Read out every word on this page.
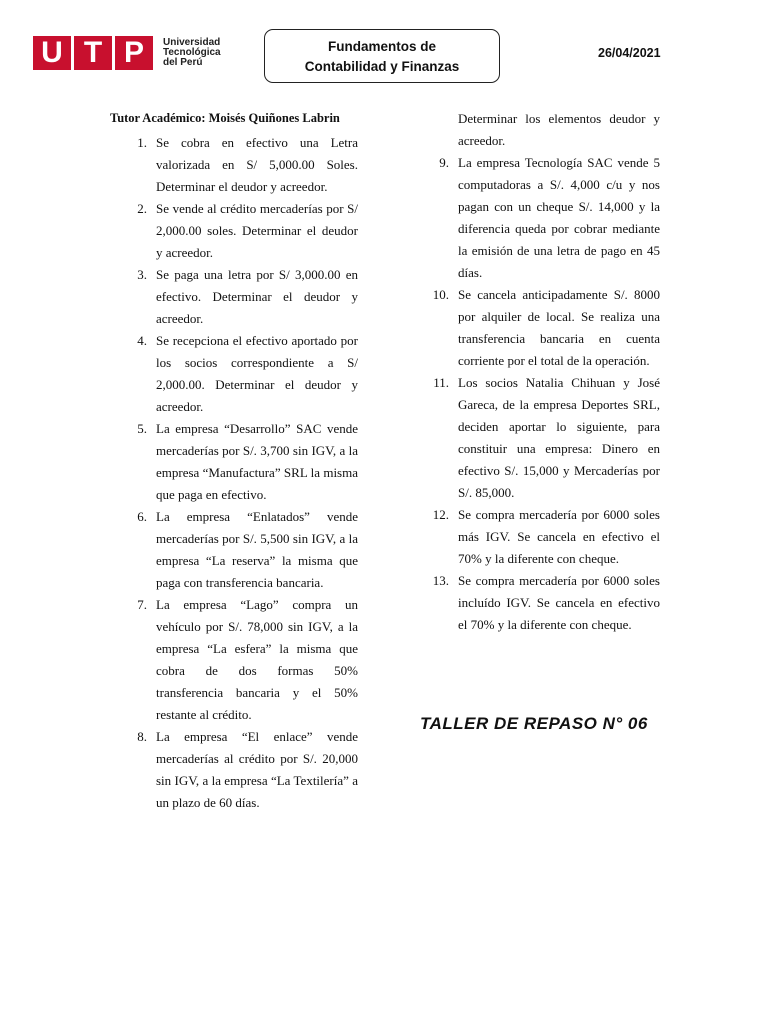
U T P	Universidad
Tecnológica
del Perú
Fundamentos de
Contabilidad y Finanzas
26/04/2021
Tutor Académico: Moisés Quiñones Labrin
1. Se cobra en efectivo una Letra valorizada en S/ 5,000.00 Soles. Determinar el deudor y acreedor.
2. Se vende al crédito mercaderías por S/ 2,000.00 soles. Determinar el deudor y acreedor.
3. Se paga una letra por S/ 3,000.00 en efectivo. Determinar el deudor y acreedor.
4. Se recepciona el efectivo aportado por los socios correspondiente a S/ 2,000.00. Determinar el deudor y acreedor.
5. La empresa “Desarrollo” SAC vende mercaderías por S/. 3,700 sin IGV, a la empresa “Manufactura” SRL la misma que paga en efectivo.
6. La empresa “Enlatados” vende mercaderías por S/. 5,500 sin IGV, a la empresa “La reserva” la misma que paga con transferencia bancaria.
7. La empresa “Lago” compra un vehículo por S/. 78,000 sin IGV, a la empresa “La esfera” la misma que cobra de dos formas 50% transferencia bancaria y el 50% restante al crédito.
8. La empresa “El enlace” vende mercaderías al crédito por S/. 20,000 sin IGV, a la empresa “La Textilería” a un plazo de 60 días.
Determinar los elementos deudor y acreedor.
9. La empresa Tecnología SAC vende 5 computadoras a S/. 4,000 c/u y nos pagan con un cheque S/. 14,000 y la diferencia queda por cobrar mediante la emisión de una letra de pago en 45 días.
10. Se cancela anticipadamente S/. 8000 por alquiler de local. Se realiza una transferencia bancaria en cuenta corriente por el total de la operación.
11. Los socios Natalia Chihuan y José Gareca, de la empresa Deportes SRL, deciden aportar lo siguiente, para constituir una empresa: Dinero en efectivo S/. 15,000 y Mercaderías por S/. 85,000.
12. Se compra mercadería por 6000 soles más IGV. Se cancela en efectivo el 70% y la diferente con cheque.
13. Se compra mercadería por 6000 soles incluído IGV. Se cancela en efectivo el 70% y la diferente con cheque.
TALLER DE REPASO N° 06
